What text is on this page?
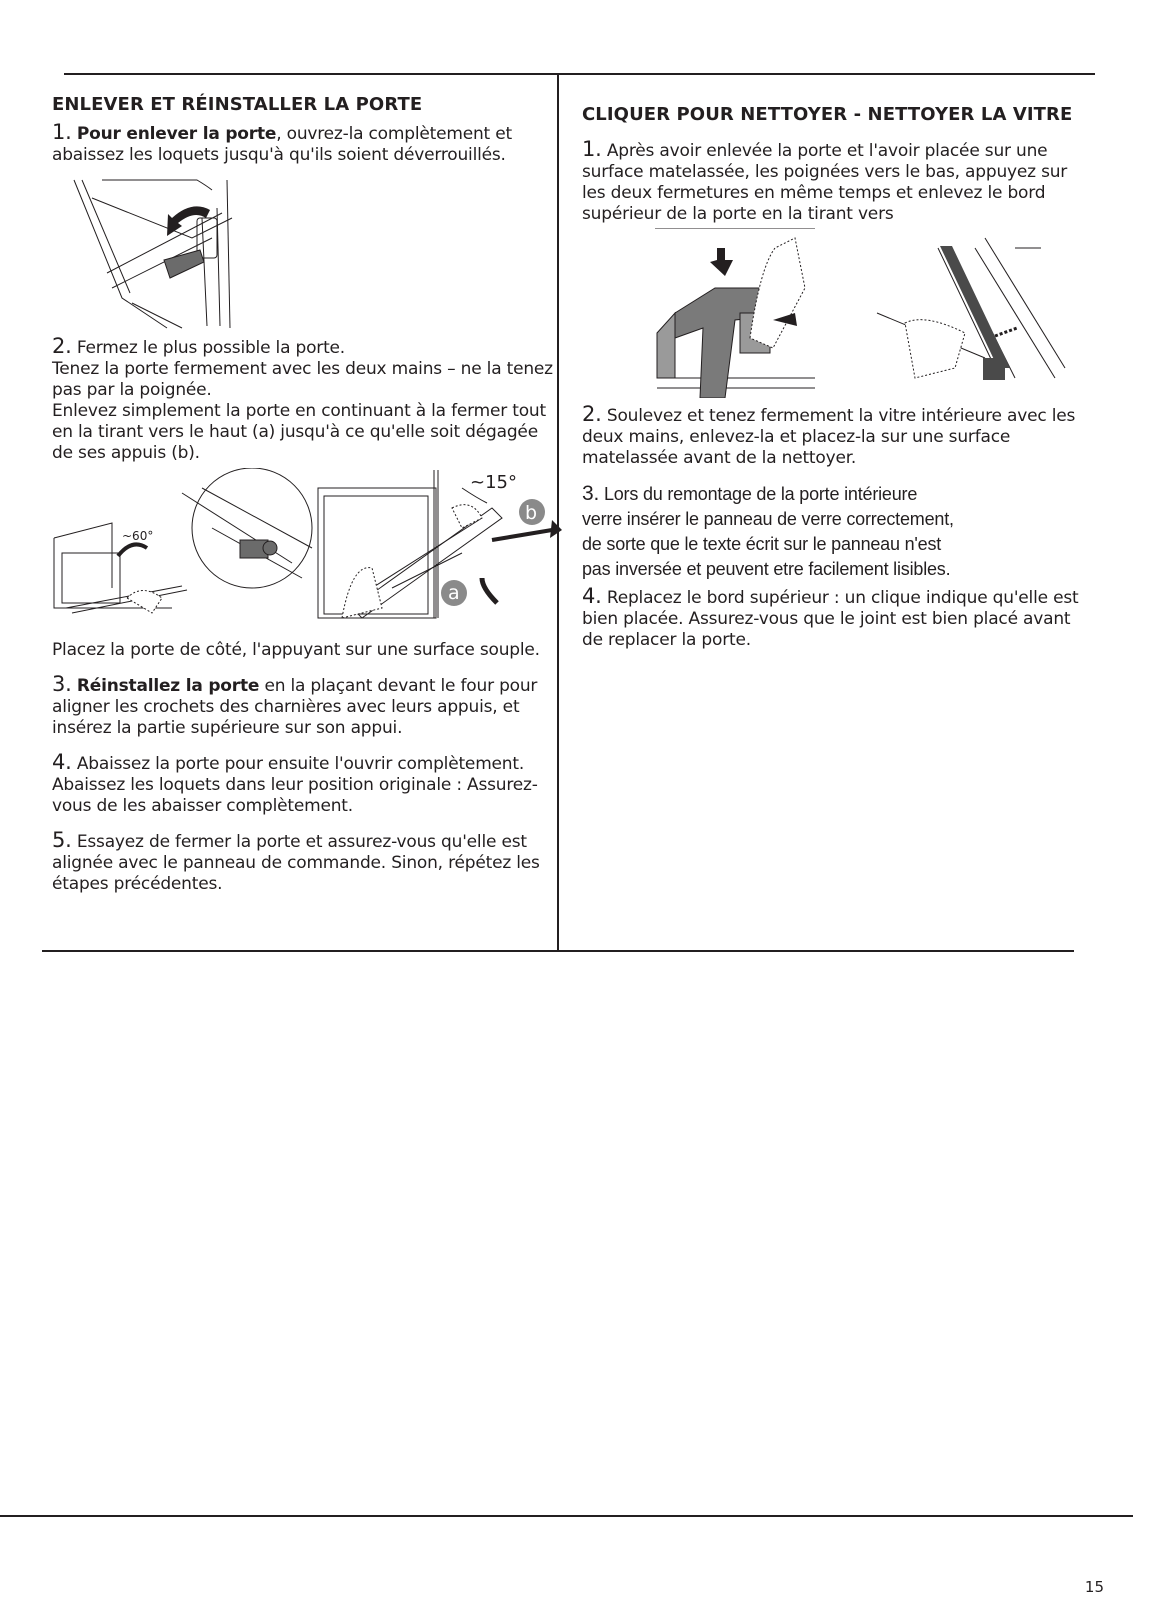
ENLEVER ET RÉINSTALLER LA PORTE

1. Pour enlever la porte, ouvrez-la complètement et abaissez les loquets jusqu'à qu'ils soient déverrouillés.

2. Fermez le plus possible la porte.
Tenez la porte fermement avec les deux mains – ne la tenez pas par la poignée.
Enlevez simplement la porte en continuant à la fermer tout en la tirant vers le haut (a) jusqu'à ce qu'elle soit dégagée de ses appuis (b).

~60°
~15°
b
a

Placez la porte de côté, l'appuyant sur une surface souple.

3. Réinstallez la porte en la plaçant devant le four pour aligner les crochets des charnières avec leurs appuis, et insérez la partie supérieure sur son appui.

4. Abaissez la porte pour ensuite l'ouvrir complètement. Abaissez les loquets dans leur position originale : Assurez-vous de les abaisser complètement.

5. Essayez de fermer la porte et assurez-vous qu'elle est alignée avec le panneau de commande. Sinon, répétez les étapes précédentes.

CLIQUER POUR NETTOYER - NETTOYER LA VITRE

1. Après avoir enlevée la porte et l'avoir placée sur une surface matelassée, les poignées vers le bas, appuyez sur les deux fermetures en même temps et enlevez le bord supérieur de la porte en la tirant vers

2. Soulevez et tenez fermement la vitre intérieure avec les deux mains, enlevez-la et placez-la sur une surface matelassée avant de la nettoyer.

3. Lors du remontage de la porte intérieure
verre insérer le panneau de verre correctement,
de sorte que le texte écrit sur le panneau n'est
pas inversée et peuvent etre facilement lisibles.

4. Replacez le bord supérieur : un clique indique qu'elle est bien placée. Assurez-vous que le joint est bien placé avant de replacer la porte.

15
